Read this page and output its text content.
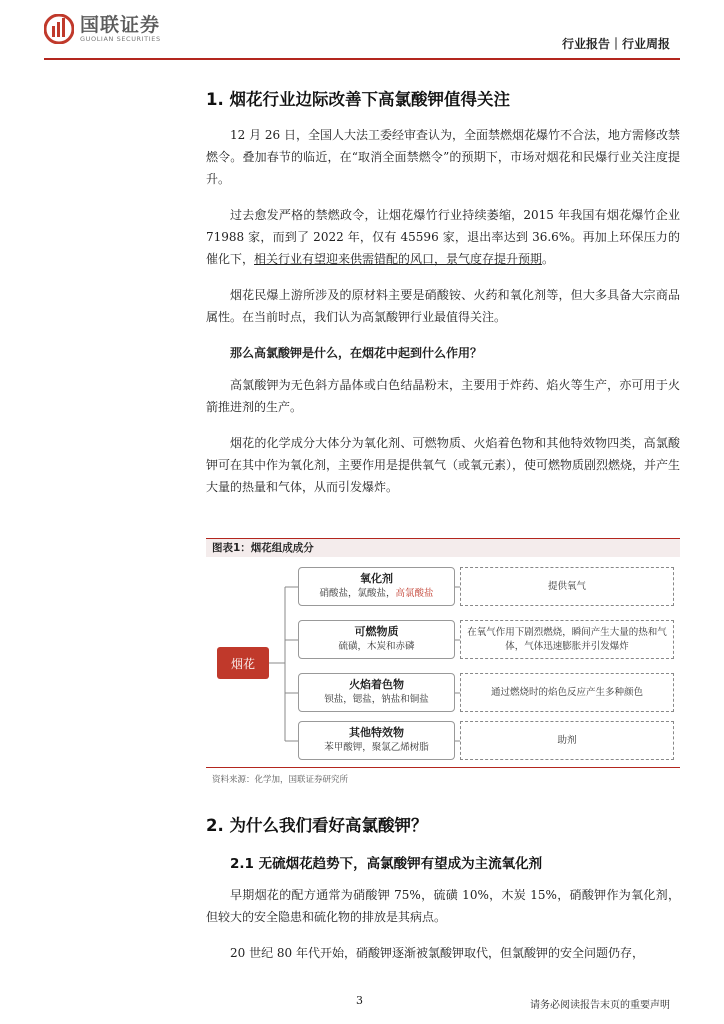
国联证券
GUOLIAN SECURITIES	行业报告｜行业周报
1. 烟花行业边际改善下高氯酸钾值得关注

12 月 26 日，全国人大法工委经审查认为，全面禁燃烟花爆竹不合法，地方需修改禁燃令。叠加春节的临近，在“取消全面禁燃令”的预期下，市场对烟花和民爆行业关注度提升。

过去愈发严格的禁燃政令，让烟花爆竹行业持续萎缩，2015 年我国有烟花爆竹企业 71988 家，而到了 2022 年，仅有 45596 家，退出率达到 36.6%。再加上环保压力的催化下，相关行业有望迎来供需错配的风口，景气度存提升预期。

烟花民爆上游所涉及的原材料主要是硝酸铵、火药和氧化剂等，但大多具备大宗商品属性。在当前时点，我们认为高氯酸钾行业最值得关注。

那么高氯酸钾是什么，在烟花中起到什么作用？

高氯酸钾为无色斜方晶体或白色结晶粉末，主要用于炸药、焰火等生产，亦可用于火箭推进剂的生产。

烟花的化学成分大体分为氧化剂、可燃物质、火焰着色物和其他特效物四类，高氯酸钾可在其中作为氧化剂，主要作用是提供氧气（或氧元素），使可燃物质剧烈燃烧，并产生大量的热量和气体，从而引发爆炸。

图表1：烟花组成成分
烟花
氧化剂
硝酸盐，氯酸盐，高氯酸盐
提供氧气
可燃物质
硫磺，木炭和赤磷
在氧气作用下剧烈燃烧，瞬间产生大量的热和气体，气体迅速膨胀并引发爆炸
火焰着色物
钡盐，锶盐，钠盐和铜盐
通过燃烧时的焰色反应产生多种颜色
其他特效物
苯甲酸钾，聚氯乙烯树脂
助剂
资料来源：化学加，国联证券研究所
2. 为什么我们看好高氯酸钾？
2.1 无硫烟花趋势下，高氯酸钾有望成为主流氧化剂

早期烟花的配方通常为硝酸钾 75%，硫磺 10%，木炭 15%，硝酸钾作为氧化剂，但较大的安全隐患和硫化物的排放是其病点。

20 世纪 80 年代开始，硝酸钾逐渐被氯酸钾取代，但氯酸钾的安全问题仍存，

3	请务必阅读报告末页的重要声明
